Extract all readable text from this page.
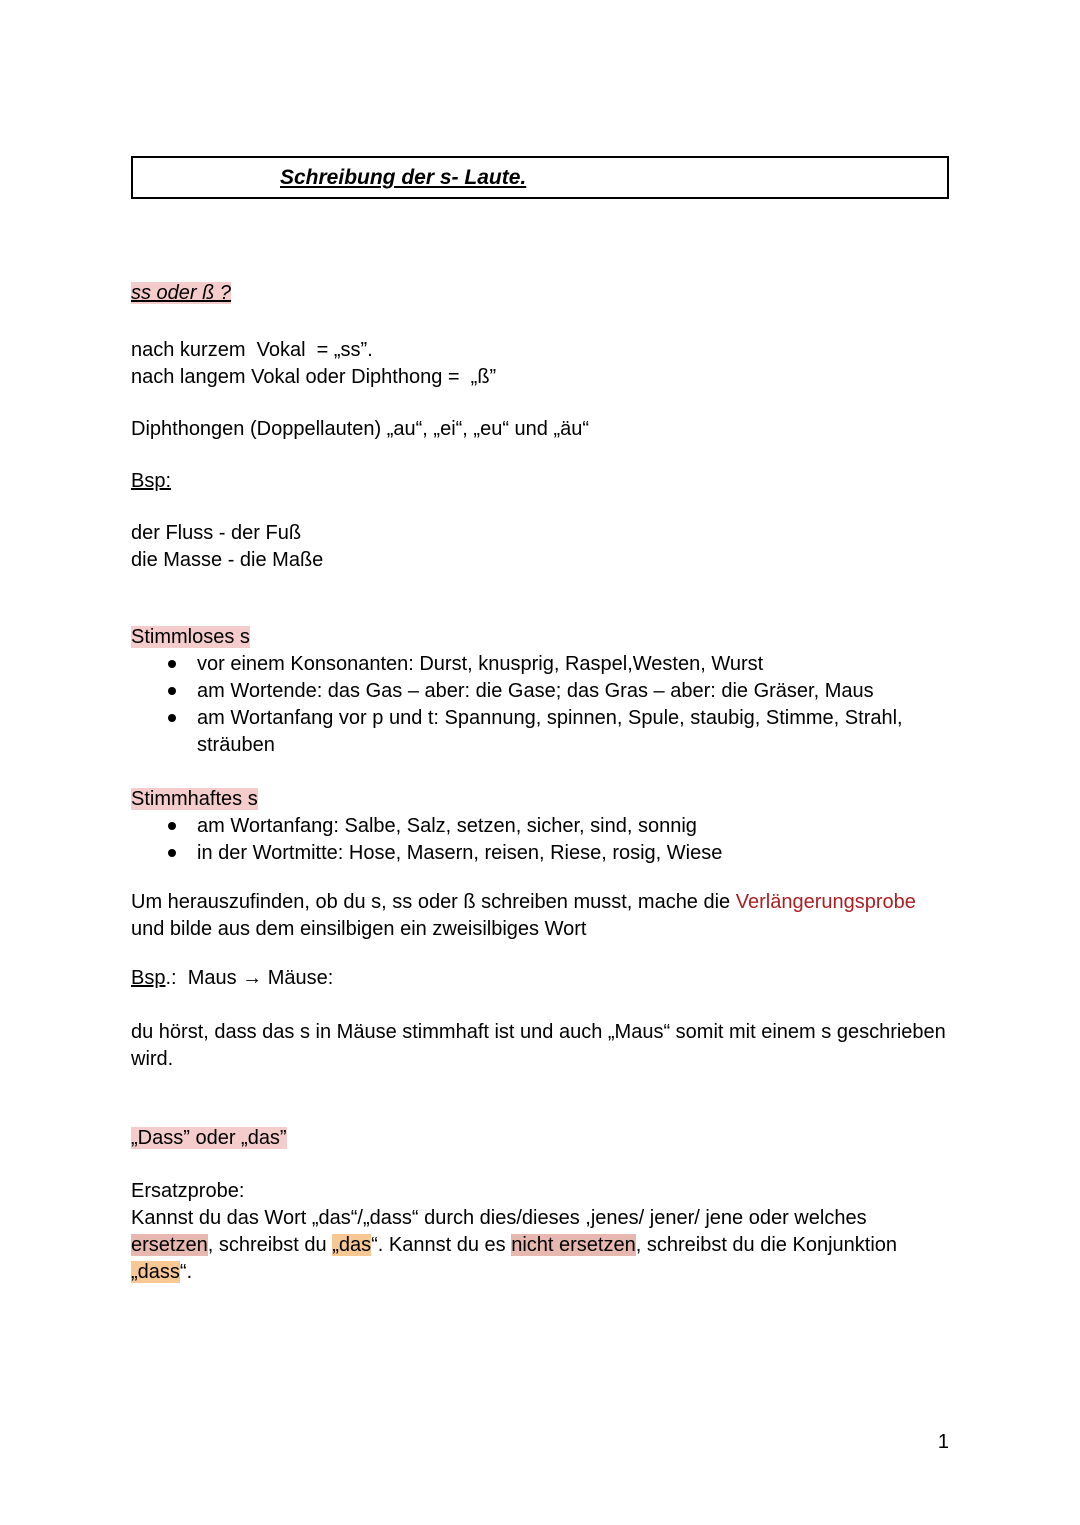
Schreibung der s- Laute.
ss oder ß ?
nach kurzem  Vokal  = „ss”.
nach langem Vokal oder Diphthong =  „ß”
Diphthongen (Doppellauten) „au“, „ei“, „eu“ und „äu“
Bsp:
der Fluss - der Fuß
die Masse - die Maße
Stimmloses s
vor einem Konsonanten: Durst, knusprig, Raspel,Westen, Wurst
am Wortende: das Gas – aber: die Gase; das Gras – aber: die Gräser, Maus
am Wortanfang vor p und t: Spannung, spinnen, Spule, staubig, Stimme, Strahl,
sträuben
Stimmhaftes s
am Wortanfang: Salbe, Salz, setzen, sicher, sind, sonnig
in der Wortmitte: Hose, Masern, reisen, Riese, rosig, Wiese
Um herauszufinden, ob du s, ss oder ß schreiben musst, mache die Verlängerungsprobe
und bilde aus dem einsilbigen ein zweisilbiges Wort
Bsp.:  Maus → Mäuse:
du hörst, dass das s in Mäuse stimmhaft ist und auch „Maus“ somit mit einem s geschrieben
wird.
„Dass” oder „das”
Ersatzprobe:
Kannst du das Wort „das“/„dass“ durch dies/dieses ,jenes/ jener/ jene oder welches
ersetzen, schreibst du „das“. Kannst du es nicht ersetzen, schreibst du die Konjunktion
„dass“.
1
